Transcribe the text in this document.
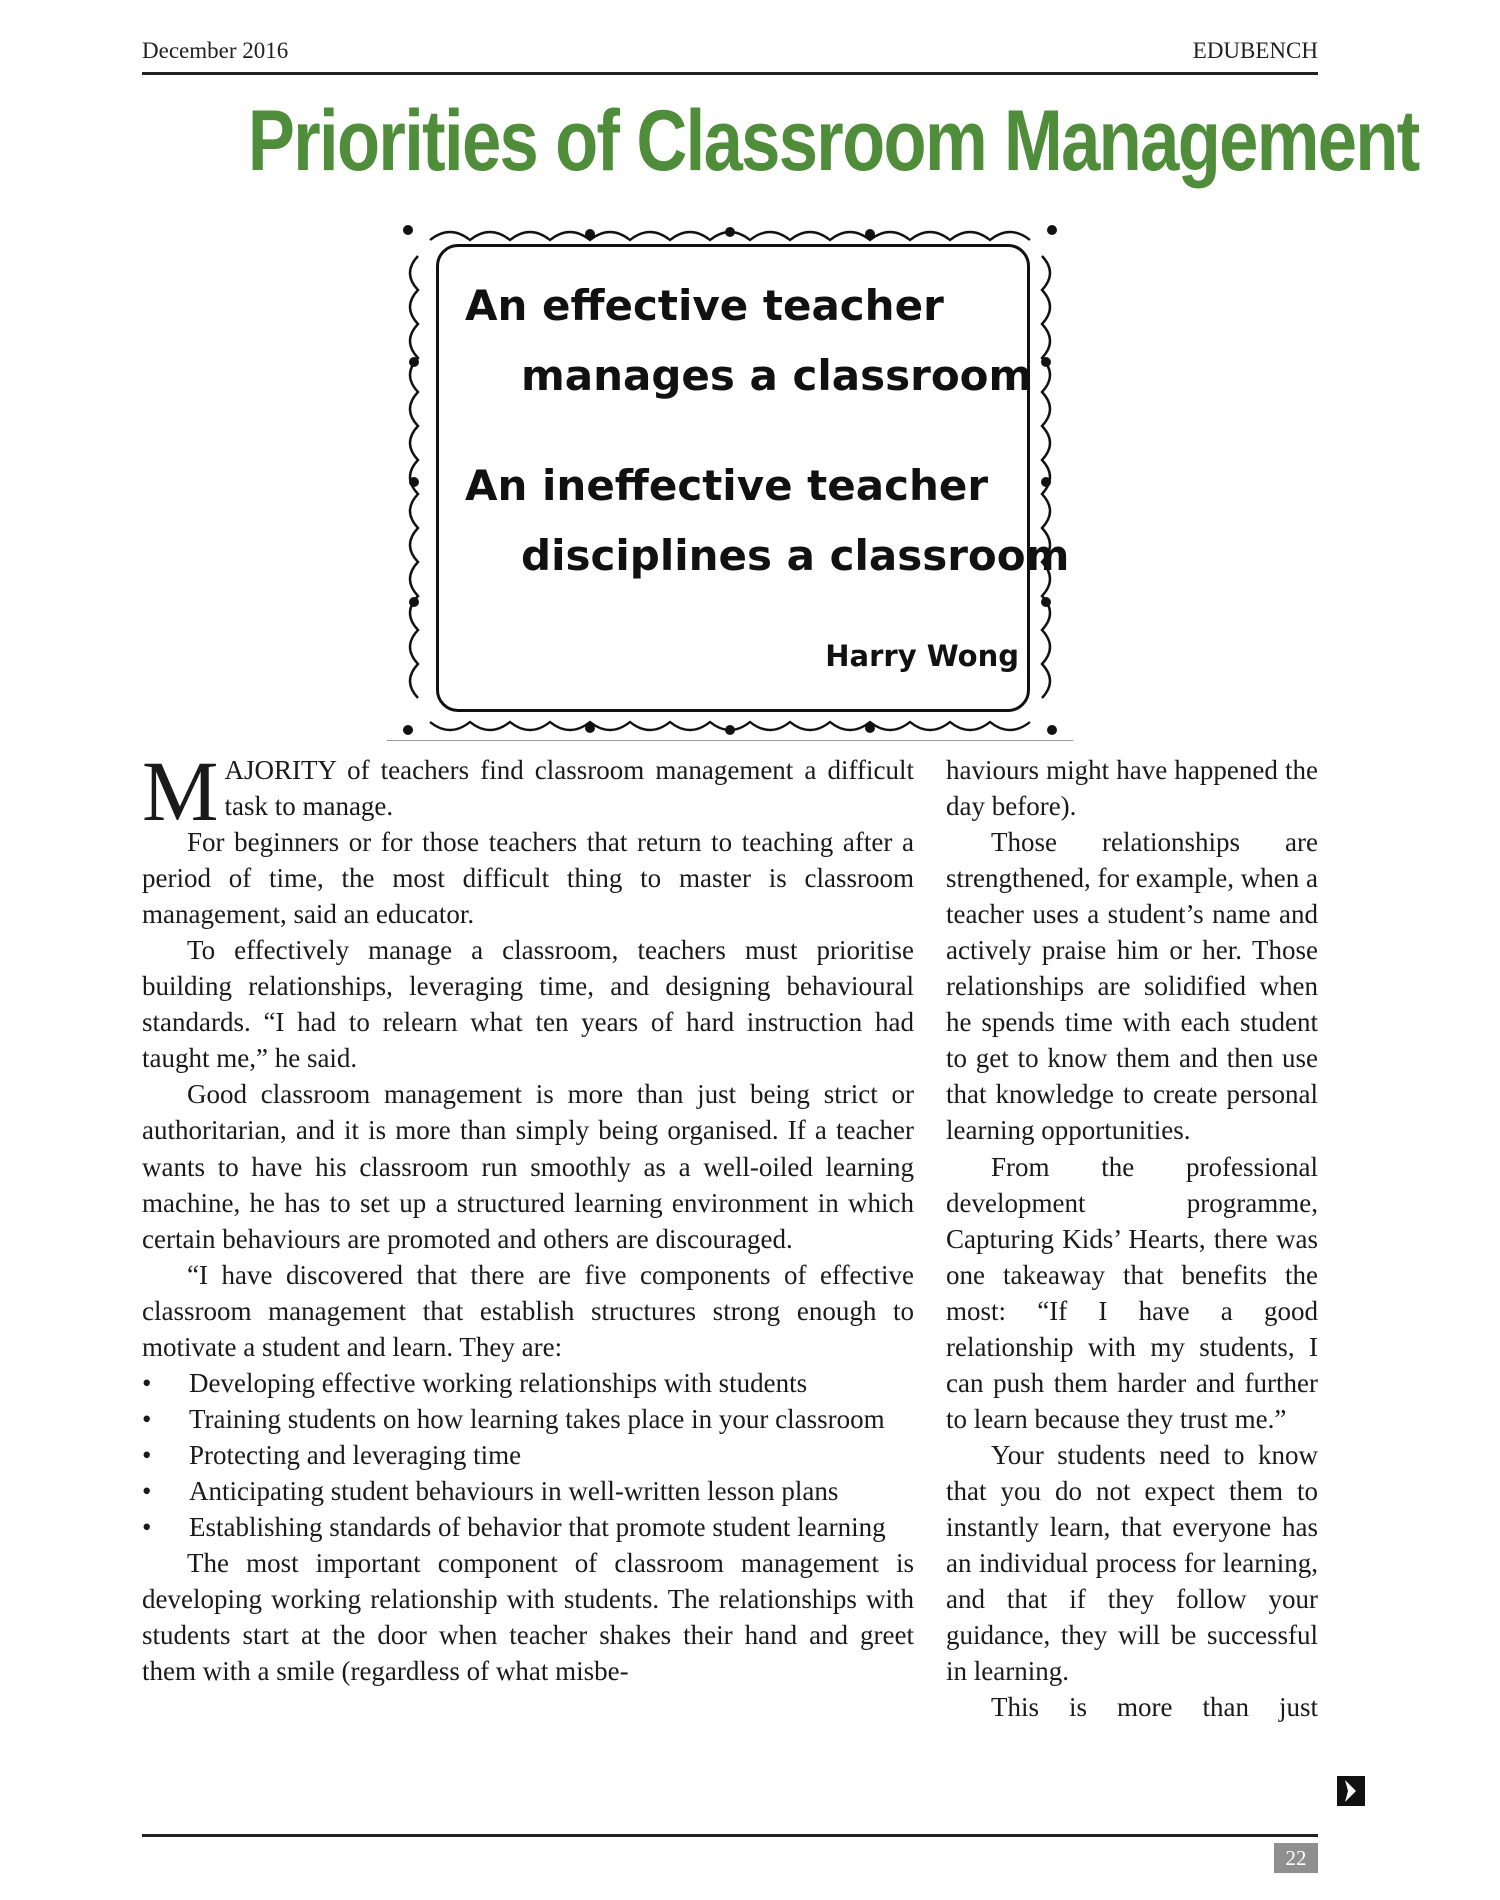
December 2016	EDUBENCH
Priorities of Classroom Management
An effective teacher
manages a classroom
An ineffective teacher
disciplines a classroom
Harry Wong

MAJORITY of teachers find classroom management a difficult task to manage.

For beginners or for those teachers that return to teaching after a period of time, the most difficult thing to master is classroom management, said an educator.

To effectively manage a classroom, teachers must prioritise building relationships, leveraging time, and designing behavioural standards. “I had to relearn what ten years of hard instruction had taught me,” he said.

Good classroom management is more than just being strict or authoritarian, and it is more than simply being organised. If a teacher wants to have his classroom run smoothly as a well-oiled learning machine, he has to set up a structured learning environment in which certain behaviours are promoted and others are discouraged.

“I have discovered that there are five components of effective classroom management that establish structures strong enough to motivate a student and learn. They are:

• Developing effective working relationships with students
• Training students on how learning takes place in your classroom
• Protecting and leveraging time
• Anticipating student behaviours in well-written lesson plans
• Establishing standards of behavior that promote student learning

The most important component of classroom management is developing working relationship with students. The relationships with students start at the door when teacher shakes their hand and greet them with a smile (regardless of what misbe-

haviours might have happened the day before).

Those relationships are strengthened, for example, when a teacher uses a student’s name and actively praise him or her. Those relationships are solidified when he spends time with each student to get to know them and then use that knowledge to create personal learning opportunities.

From the professional development programme, Capturing Kids’ Hearts, there was one takeaway that benefits the most: “If I have a good relationship with my students, I can push them harder and further to learn because they trust me.”

Your students need to know that you do not expect them to instantly learn, that everyone has an individual process for learning, and that if they follow your guidance, they will be successful in learning.

This is more than just

22
